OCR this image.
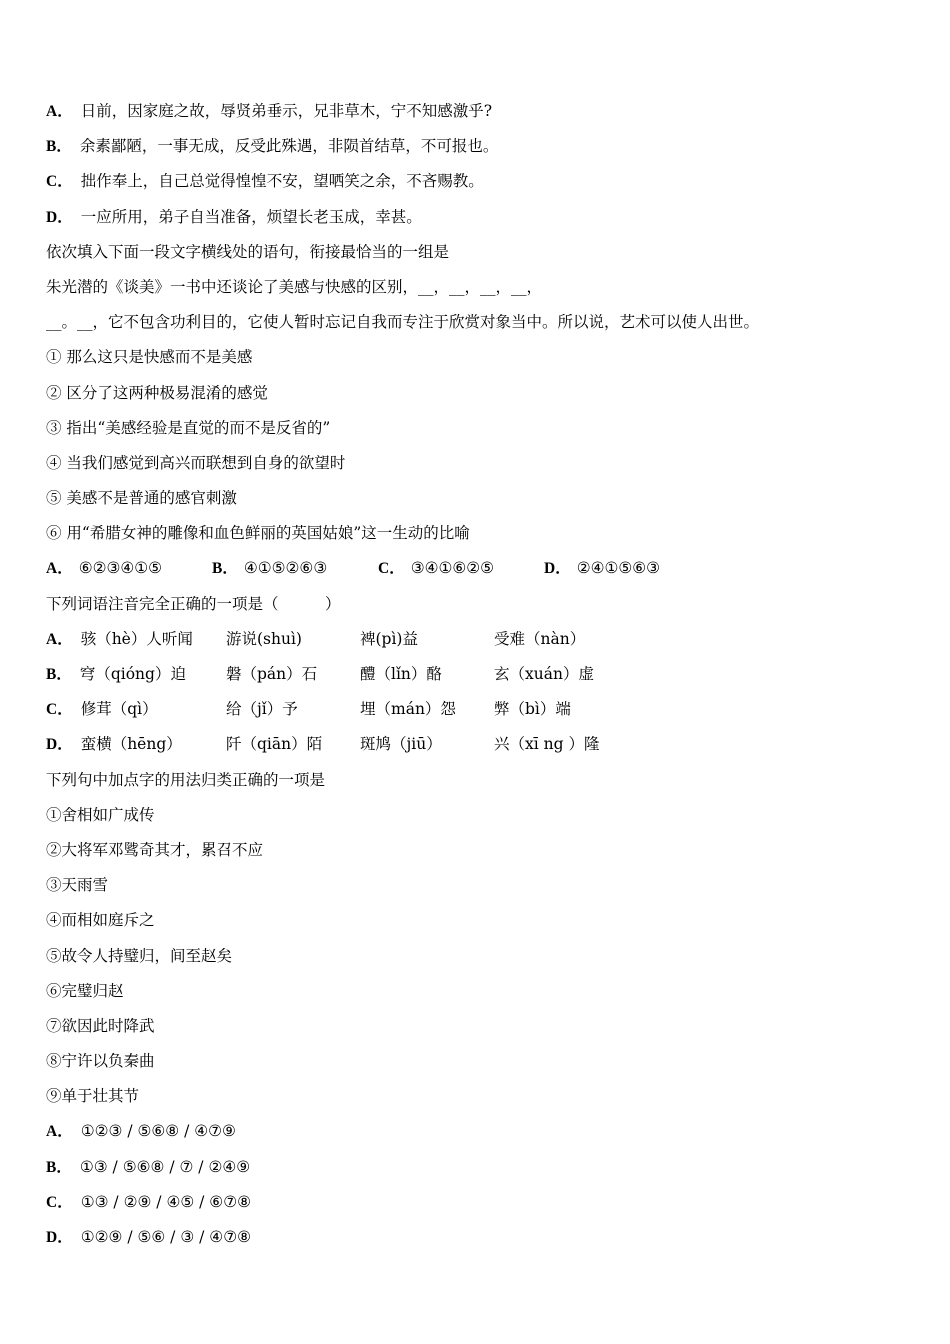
A． 日前，因家庭之故，辱贤弟垂示，兄非草木，宁不知感激乎?
B． 余素鄙陋，一事无成，反受此殊遇，非陨首结草，不可报也。
C． 拙作奉上，自己总觉得惶惶不安，望哂笑之余，不吝赐教。
D． 一应所用，弟子自当准备，烦望长老玉成，幸甚。
依次填入下面一段文字横线处的语句，衔接最恰当的一组是
朱光潜的《谈美》一书中还谈论了美感与快感的区别，__，__，__，__，
__。__，它不包含功利目的，它使人暂时忘记自我而专注于欣赏对象当中。所以说，艺术可以使人出世。
① 那么这只是快感而不是美感
② 区分了这两种极易混淆的感觉
③ 指出“美感经验是直觉的而不是反省的”
④ 当我们感觉到高兴而联想到自身的欲望时
⑤ 美感不是普通的感官刺激
⑥ 用“希腊女神的雕像和血色鲜丽的英国姑娘”这一生动的比喻
A． ⑥②③④①⑤	B． ④①⑤②⑥③	C． ③④①⑥②⑤	D． ②④①⑤⑥③
下列词语注音完全正确的一项是（　　　）
A． 骇（hè）人听闻	游说(shuì)	裨(pì)益	受难（nàn）
B． 穹（qióng）迫	磐（pán）石	醴（lǐn）酪	玄（xuán）虚
C． 修茸（qì）	给（jǐ）予	埋（mán）怨	弊（bì）端
D． 蛮横（hēng）	阡（qiān）陌	斑鸠（jiū）	兴（xī ng ）隆
下列句中加点字的用法归类正确的一项是
①舍相如广成传
②大将军邓骘奇其才，累召不应
③天雨雪
④而相如庭斥之
⑤故令人持璧归，间至赵矣
⑥完璧归赵
⑦欲因此时降武
⑧宁许以负秦曲
⑨单于壮其节
A． ①②③ / ⑤⑥⑧ / ④⑦⑨
B． ①③ / ⑤⑥⑧ / ⑦ / ②④⑨
C． ①③ / ②⑨ / ④⑤ / ⑥⑦⑧
D． ①②⑨ / ⑤⑥ / ③ / ④⑦⑧
